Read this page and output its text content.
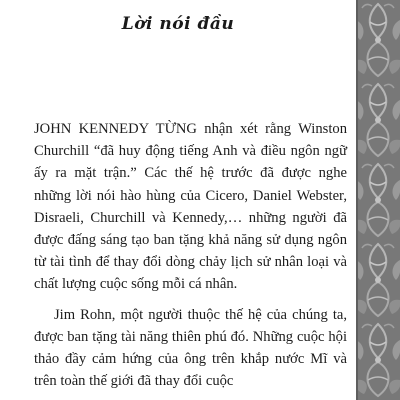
Lời nói đầu

JOHN KENNEDY TỪNG nhận xét rằng Winston Churchill “đã huy động tiếng Anh và điều ngôn ngữ ấy ra mặt trận.” Các thế hệ trước đã được nghe những lời nói hào hùng của Cicero, Daniel Webster, Disraeli, Churchill và Kennedy,… những người đã được đấng sáng tạo ban tặng khả năng sử dụng ngôn từ tài tình để thay đổi dòng chảy lịch sử nhân loại và chất lượng cuộc sống mỗi cá nhân.

Jim Rohn, một người thuộc thế hệ của chúng ta, được ban tặng tài năng thiên phú đó. Những cuộc hội thảo đầy cảm hứng của ông trên khắp nước Mĩ và trên toàn thế giới đã thay đổi cuộc
